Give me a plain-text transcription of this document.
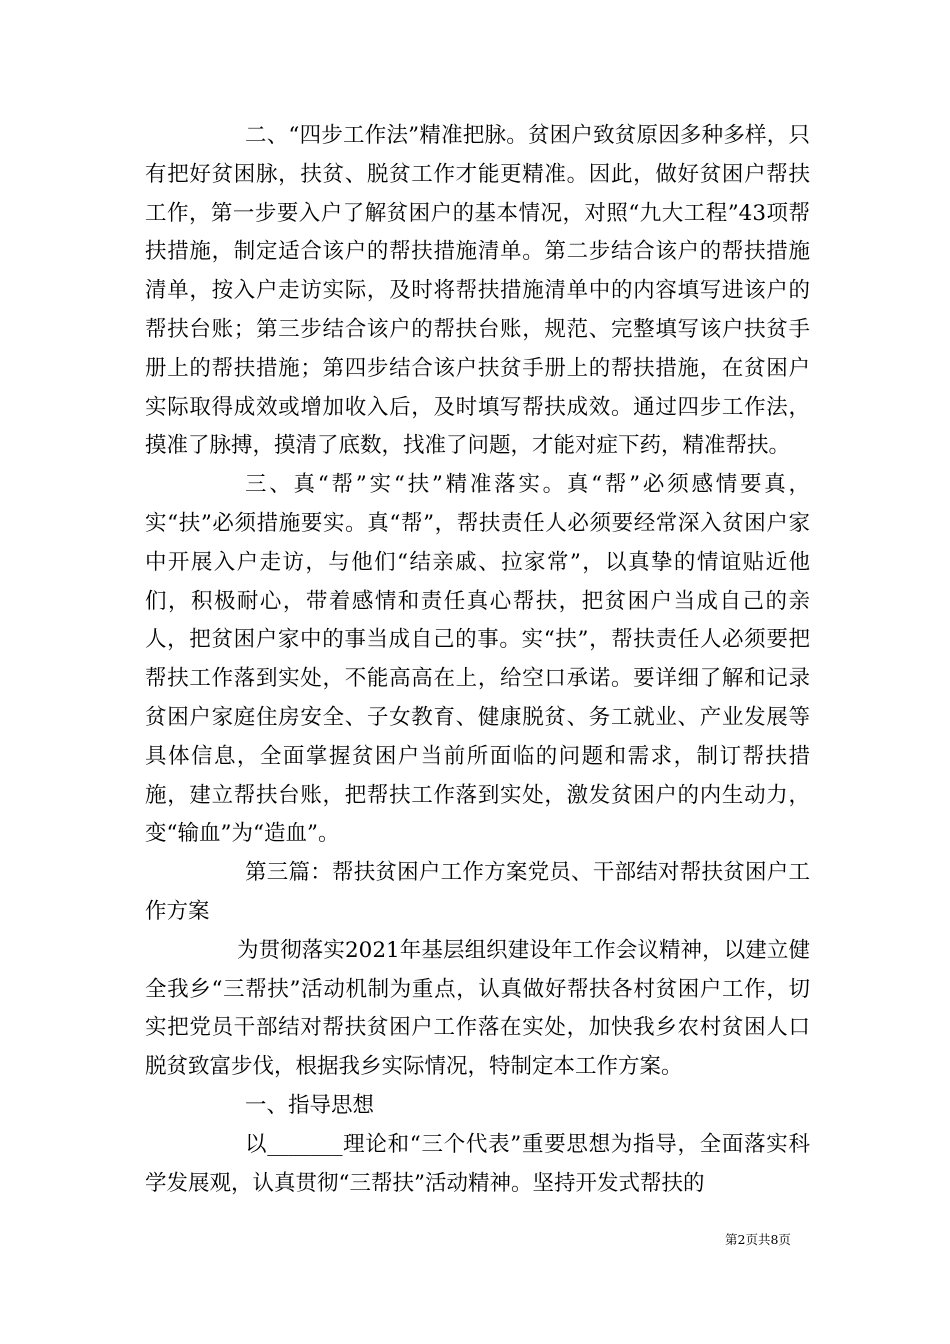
二、“四步工作法”精准把脉。贫困户致贫原因多种多样，只有把好贫困脉，扶贫、脱贫工作才能更精准。因此，做好贫困户帮扶工作，第一步要入户了解贫困户的基本情况，对照“九大工程”43项帮扶措施，制定适合该户的帮扶措施清单。第二步结合该户的帮扶措施清单，按入户走访实际，及时将帮扶措施清单中的内容填写进该户的帮扶台账；第三步结合该户的帮扶台账，规范、完整填写该户扶贫手册上的帮扶措施；第四步结合该户扶贫手册上的帮扶措施，在贫困户实际取得成效或增加收入后，及时填写帮扶成效。通过四步工作法，摸准了脉搏，摸清了底数，找准了问题，才能对症下药，精准帮扶。

三、真“帮”实“扶”精准落实。真“帮”必须感情要真，实“扶”必须措施要实。真“帮”，帮扶责任人必须要经常深入贫困户家中开展入户走访，与他们“结亲戚、拉家常”，以真挚的情谊贴近他们，积极耐心，带着感情和责任真心帮扶，把贫困户当成自己的亲人，把贫困户家中的事当成自己的事。实“扶”，帮扶责任人必须要把帮扶工作落到实处，不能高高在上，给空口承诺。要详细了解和记录贫困户家庭住房安全、子女教育、健康脱贫、务工就业、产业发展等具体信息，全面掌握贫困户当前所面临的问题和需求，制订帮扶措施，建立帮扶台账，把帮扶工作落到实处，激发贫困户的内生动力，变“输血”为“造血”。

第三篇：帮扶贫困户工作方案党员、干部结对帮扶贫困户工作方案

为贯彻落实2021年基层组织建设年工作会议精神，以建立健全我乡“三帮扶”活动机制为重点，认真做好帮扶各村贫困户工作，切实把党员干部结对帮扶贫困户工作落在实处，加快我乡农村贫困人口脱贫致富步伐，根据我乡实际情况，特制定本工作方案。

一、指导思想

以_______理论和“三个代表”重要思想为指导，全面落实科学发展观，认真贯彻“三帮扶”活动精神。坚持开发式帮扶的

第2页共8页
